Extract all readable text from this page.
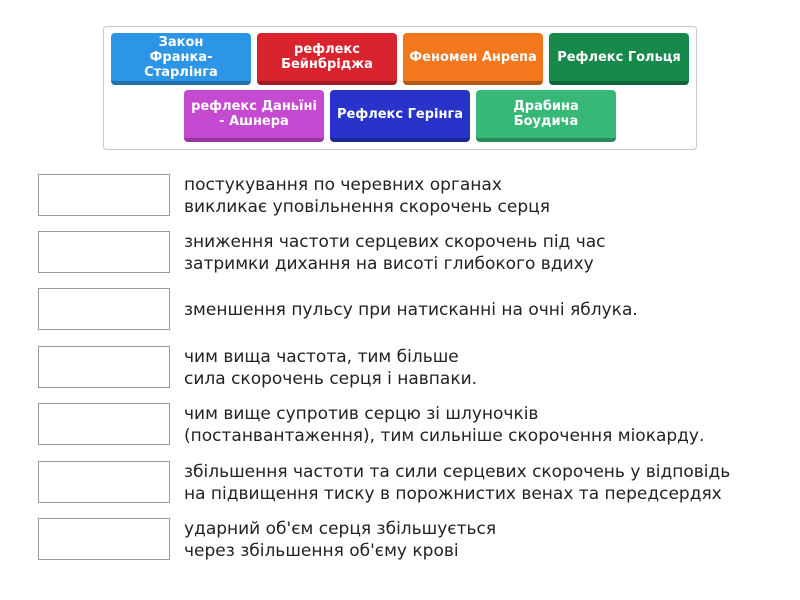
Закон
Франка-Старлінга
рефлекс
Бейнбріджа	Феномен Анрепа	Рефлекс Гольця
рефлекс Даньїні
- Ашнера	Рефлекс Герінга	Драбина Боудича
постукування по черевних органах
викликає уповільнення скорочень серця
зниження частоти серцевих скорочень під час
затримки дихання на висоті глибокого вдиху
зменшення пульсу при натисканні на очні яблука.
чим вища частота, тим більше
сила скорочень серця і навпаки.
чим вище супротив серцю зі шлуночків
(постанвантаження), тим сильніше скорочення міокарду.
збільшення частоти та сили серцевих скорочень у відповідь
на підвищення тиску в порожнистих венах та передсердях
ударний об'єм серця збільшується
через збільшення об'єму крові
